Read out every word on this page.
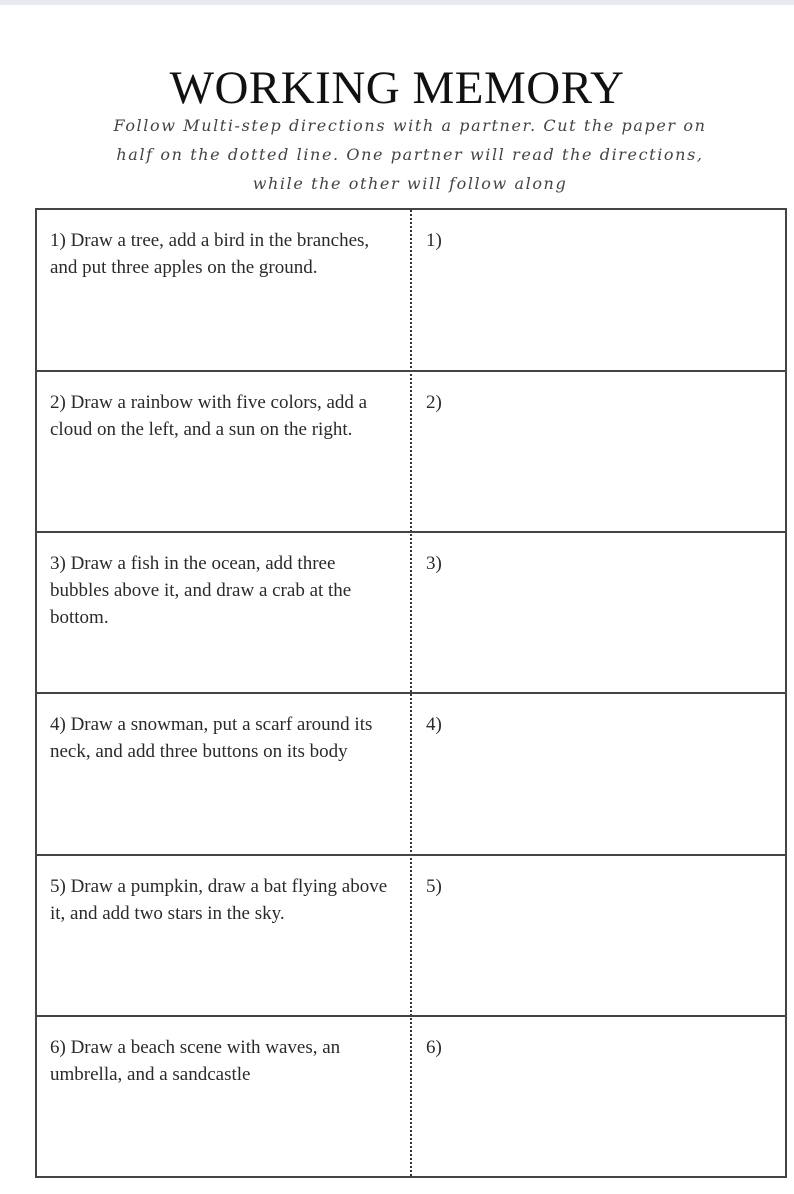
WORKING MEMORY
Follow Multi-step directions with a partner. Cut the paper on
half on the dotted line. One partner will read the directions,
while the other will follow along
1) Draw a tree, add a bird in the branches, and put three apples on the ground.
1)
2) Draw a rainbow with five colors, add a cloud on the left, and a sun on the right.
2)
3) Draw a fish in the ocean, add three bubbles above it, and draw a crab at the bottom.
3)
4) Draw a snowman, put a scarf around its neck, and add three buttons on its body
4)
5) Draw a pumpkin, draw a bat flying above it, and add two stars in the sky.
5)
6) Draw a beach scene with waves, an umbrella, and a sandcastle
6)
